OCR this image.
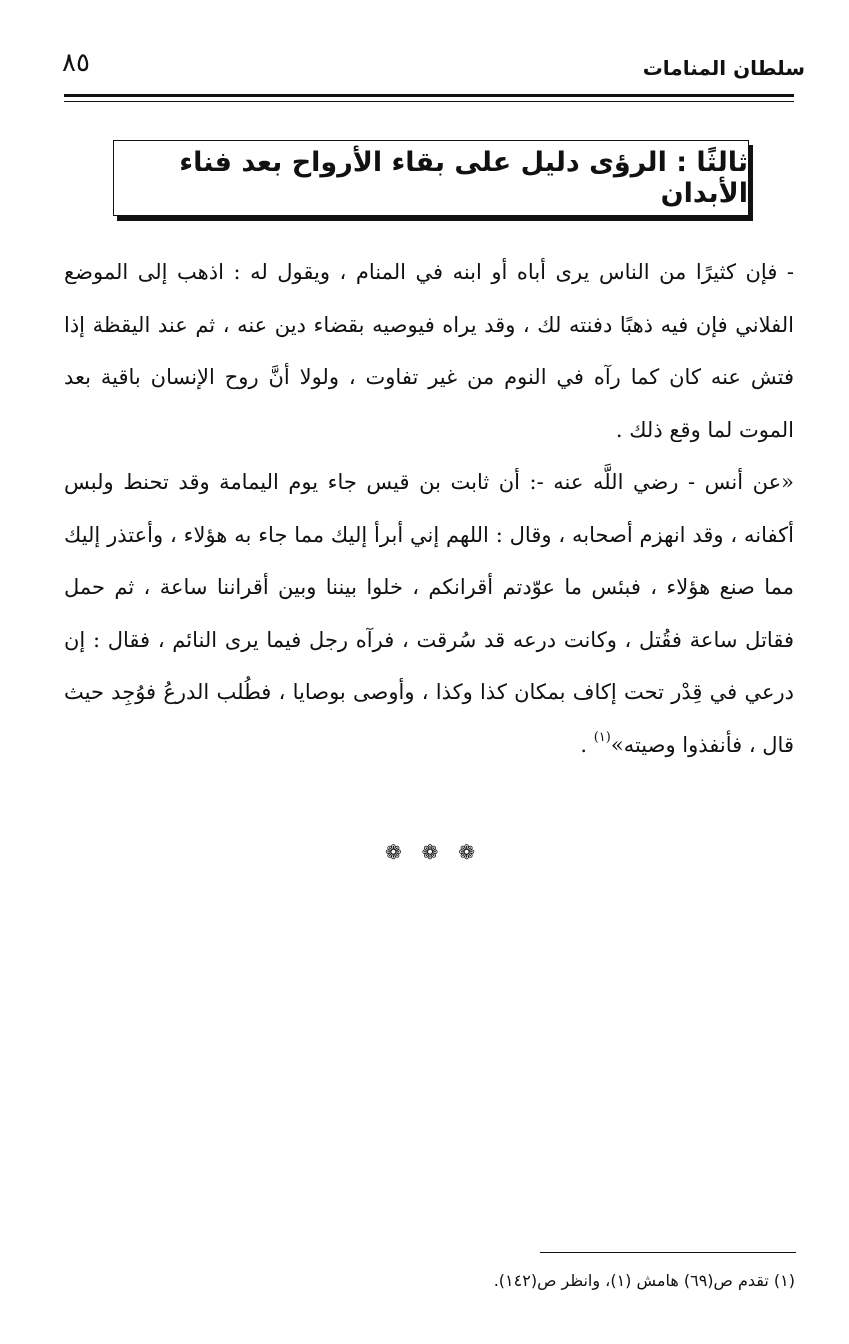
٨٥	سلطان المنامات
ثالثًا : الرؤى دليل على بقاء الأرواح بعد فناء الأبدان

- فإن كثيرًا من الناس يرى أباه أو ابنه في المنام ، ويقول له : اذهب إلى الموضع الفلاني فإن فيه ذهبًا دفنته لك ، وقد يراه فيوصيه بقضاء دين عنه ، ثم عند اليقظة إذا فتش عنه كان كما رآه في النوم من غير تفاوت ، ولولا أنَّ روح الإنسان باقية بعد الموت لما وقع ذلك .

«عن أنس - رضي اللَّه عنه -: أن ثابت بن قيس جاء يوم اليمامة وقد تحنط ولبس أكفانه ، وقد انهزم أصحابه ، وقال : اللهم إني أبرأ إليك مما جاء به هؤلاء ، وأعتذر إليك مما صنع هؤلاء ، فبئس ما عوّدتم أقرانكم ، خلوا بيننا وبين أقراننا ساعة ، ثم حمل فقاتل ساعة فقُتل ، وكانت درعه قد سُرقت ، فرآه رجل فيما يرى النائم ، فقال : إن درعي في قِدْر تحت إكاف بمكان كذا وكذا ، وأوصى بوصايا ، فطُلب الدرعُ فوُجِد حيث قال ، فأنفذوا وصيته»$^{(١)}$ .

❁ ❁ ❁
(١) تقدم ص(٦٩) هامش (١)، وانظر ص(١٤٢).
